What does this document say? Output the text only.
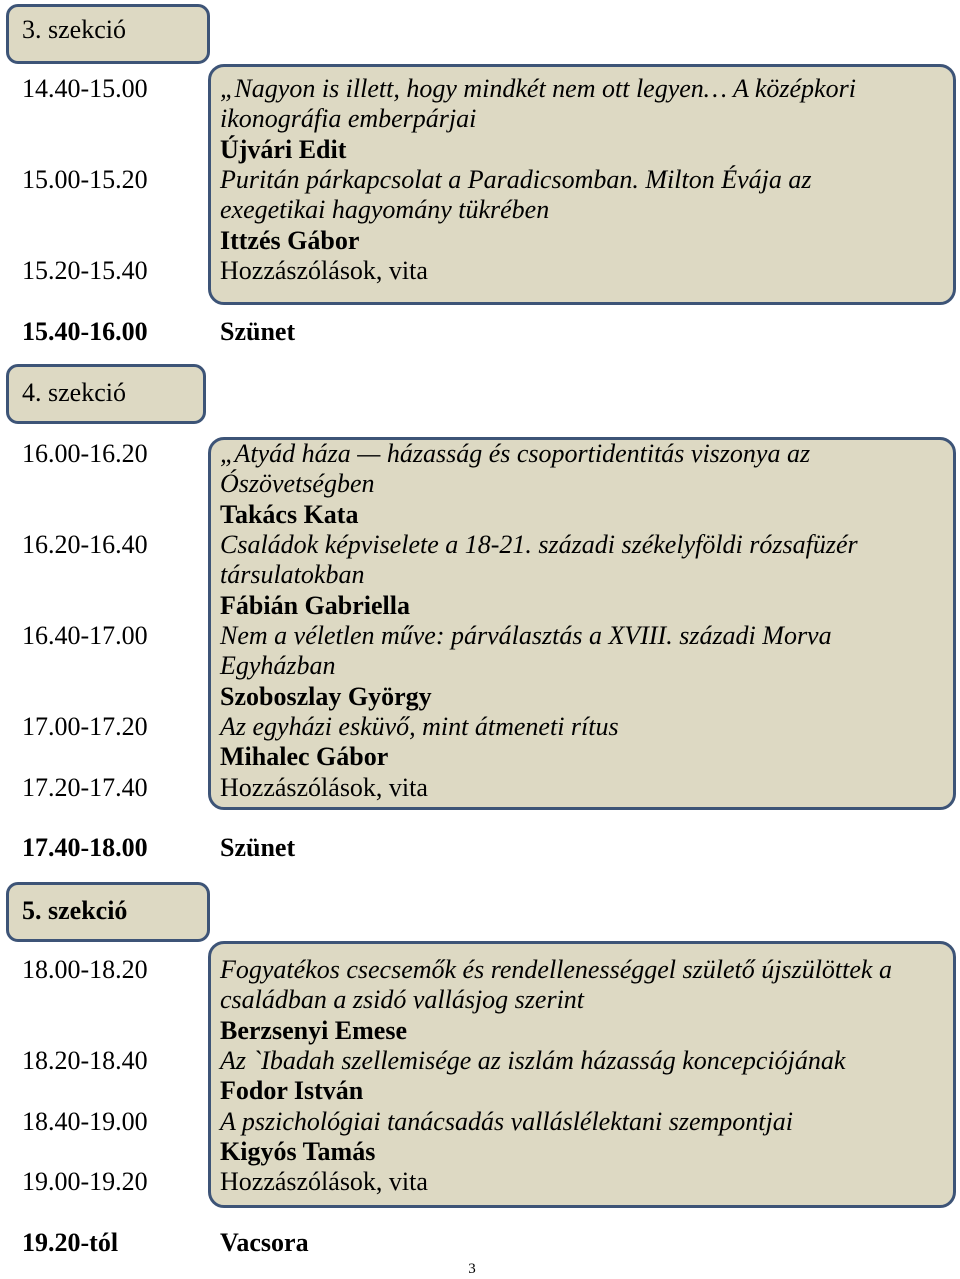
3. szekció
4. szekció
5. szekció
14.40-15.00	„Nagyon is illett, hogy mindkét nem ott legyen… A középkori
ikonográfia emberpárjai
Újvári Edit
15.00-15.20	Puritán párkapcsolat a Paradicsomban. Milton Évája az
exegetikai hagyomány tükrében
Ittzés Gábor
15.20-15.40	Hozzászólások, vita
15.40-16.00	Szünet
16.00-16.20	„Atyád háza — házasság és csoportidentitás viszonya az
Ószövetségben
Takács Kata
16.20-16.40	Családok képviselete a 18-21. századi székelyföldi rózsafüzér
társulatokban
Fábián Gabriella
16.40-17.00	Nem a véletlen műve: párválasztás a XVIII. századi Morva
Egyházban
Szoboszlay György
17.00-17.20	Az egyházi esküvő, mint átmeneti rítus
Mihalec Gábor
17.20-17.40	Hozzászólások, vita
17.40-18.00	Szünet
18.00-18.20	Fogyatékos csecsemők és rendellenességgel születő újszülöttek a
családban a zsidó vallásjog szerint
Berzsenyi Emese
18.20-18.40	Az `Ibadah szellemisége az iszlám házasság koncepciójának
Fodor István
18.40-19.00	A pszichológiai tanácsadás valláslélektani szempontjai
Kigyós Tamás
19.00-19.20	Hozzászólások, vita
19.20-tól	Vacsora
3
